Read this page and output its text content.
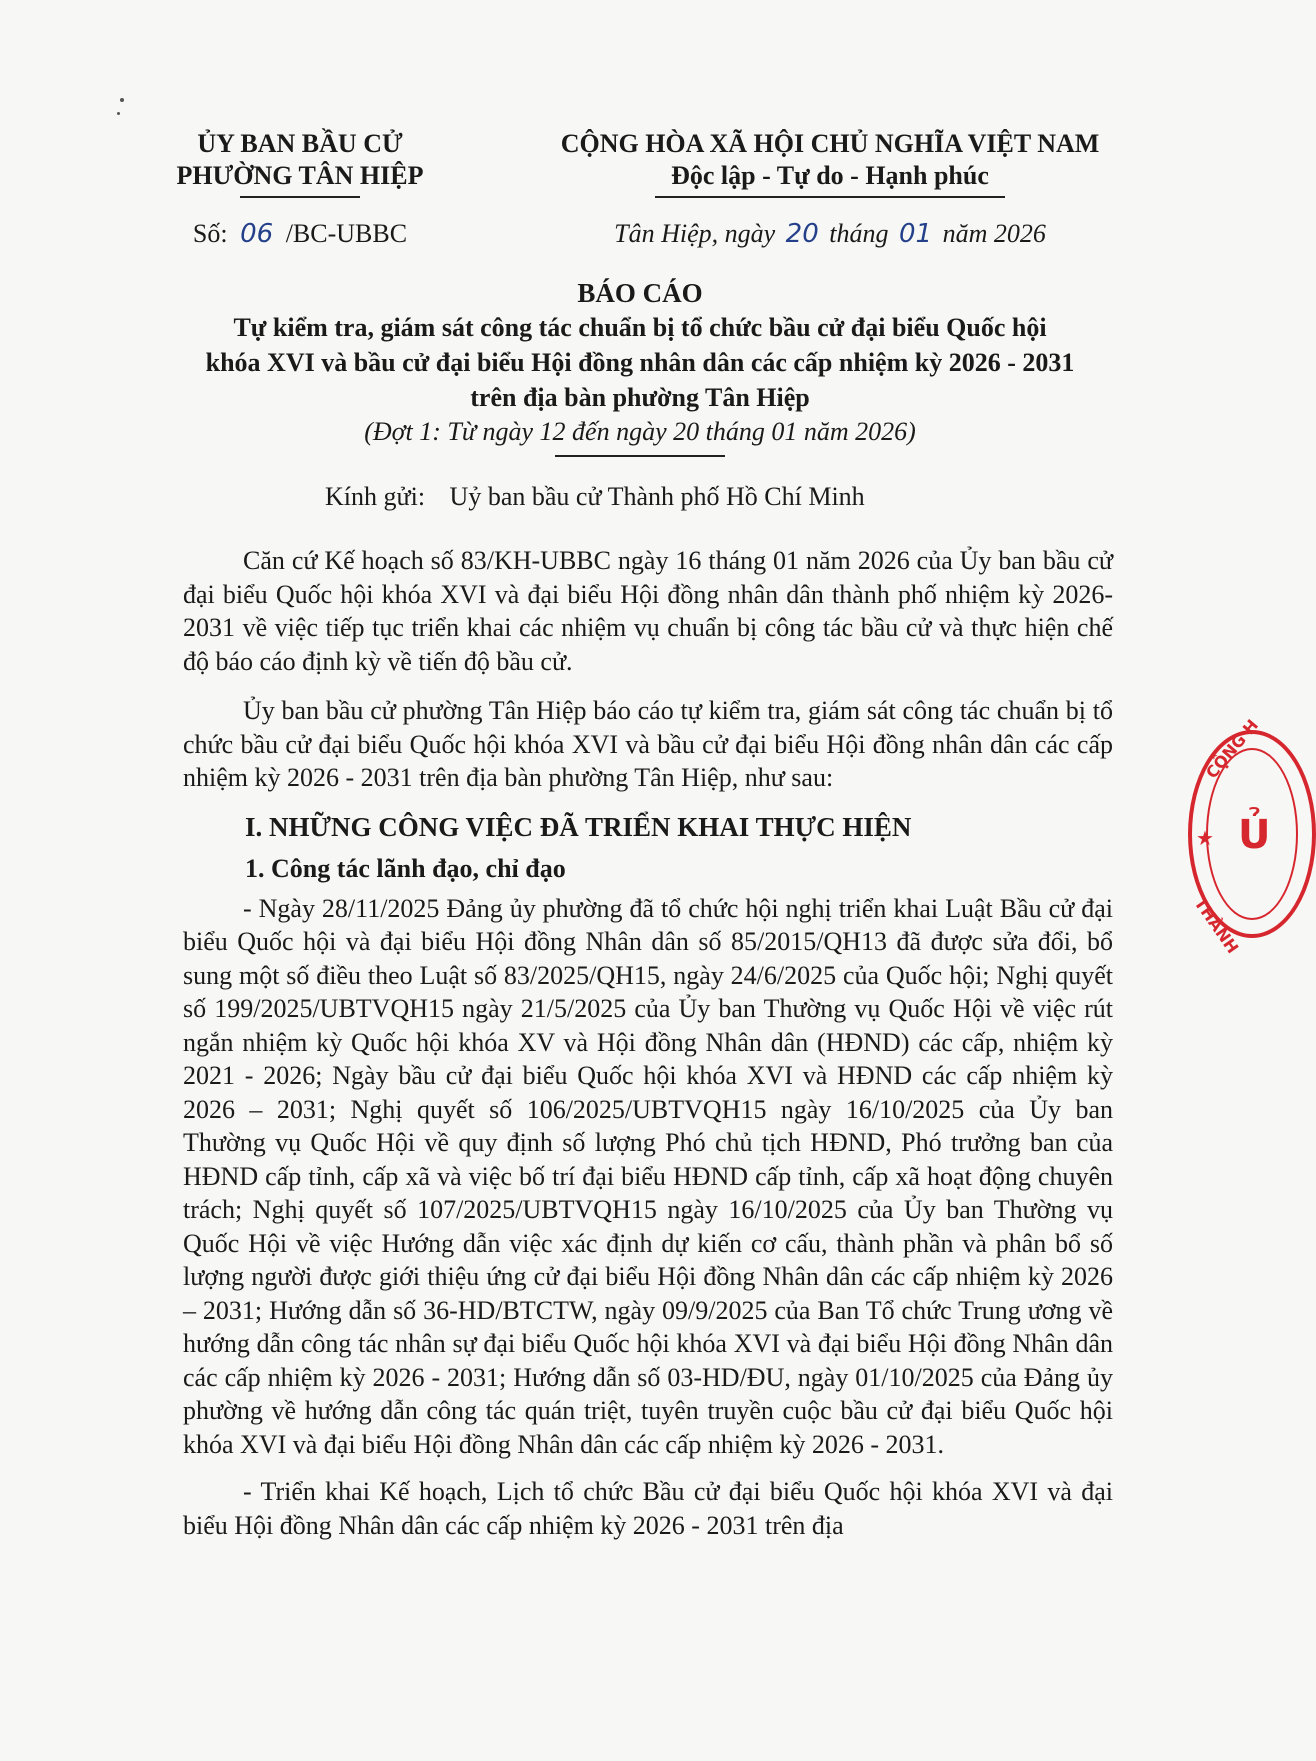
ỦY BAN BẦU CỬ

PHƯỜNG TÂN HIỆP

Số: 06 /BC-UBBC

CỘNG HÒA XÃ HỘI CHỦ NGHĨA VIỆT NAM

Độc lập - Tự do - Hạnh phúc

Tân Hiệp, ngày 20 tháng 01 năm 2026

BÁO CÁO

Tự kiểm tra, giám sát công tác chuẩn bị tổ chức bầu cử đại biểu Quốc hội

khóa XVI và bầu cử đại biểu Hội đồng nhân dân các cấp nhiệm kỳ 2026 - 2031

trên địa bàn phường Tân Hiệp

(Đợt 1: Từ ngày 12 đến ngày 20 tháng 01 năm 2026)

Kính gửi: Uỷ ban bầu cử Thành phố Hồ Chí Minh

Căn cứ Kế hoạch số 83/KH-UBBC ngày 16 tháng 01 năm 2026 của Ủy ban bầu cử đại biểu Quốc hội khóa XVI và đại biểu Hội đồng nhân dân thành phố nhiệm kỳ 2026-2031 về việc tiếp tục triển khai các nhiệm vụ chuẩn bị công tác bầu cử và thực hiện chế độ báo cáo định kỳ về tiến độ bầu cử.

Ủy ban bầu cử phường Tân Hiệp báo cáo tự kiểm tra, giám sát công tác chuẩn bị tổ chức bầu cử đại biểu Quốc hội khóa XVI và bầu cử đại biểu Hội đồng nhân dân các cấp nhiệm kỳ 2026 - 2031 trên địa bàn phường Tân Hiệp, như sau:

I. NHỮNG CÔNG VIỆC ĐÃ TRIỂN KHAI THỰC HIỆN

1. Công tác lãnh đạo, chỉ đạo

- Ngày 28/11/2025 Đảng ủy phường đã tổ chức hội nghị triển khai Luật Bầu cử đại biểu Quốc hội và đại biểu Hội đồng Nhân dân số 85/2015/QH13 đã được sửa đổi, bổ sung một số điều theo Luật số 83/2025/QH15, ngày 24/6/2025 của Quốc hội; Nghị quyết số 199/2025/UBTVQH15 ngày 21/5/2025 của Ủy ban Thường vụ Quốc Hội về việc rút ngắn nhiệm kỳ Quốc hội khóa XV và Hội đồng Nhân dân (HĐND) các cấp, nhiệm kỳ 2021 - 2026; Ngày bầu cử đại biểu Quốc hội khóa XVI và HĐND các cấp nhiệm kỳ 2026 – 2031; Nghị quyết số 106/2025/UBTVQH15 ngày 16/10/2025 của Ủy ban Thường vụ Quốc Hội về quy định số lượng Phó chủ tịch HĐND, Phó trưởng ban của HĐND cấp tỉnh, cấp xã và việc bố trí đại biểu HĐND cấp tỉnh, cấp xã hoạt động chuyên trách; Nghị quyết số 107/2025/UBTVQH15 ngày 16/10/2025 của Ủy ban Thường vụ Quốc Hội về việc Hướng dẫn việc xác định dự kiến cơ cấu, thành phần và phân bổ số lượng người được giới thiệu ứng cử đại biểu Hội đồng Nhân dân các cấp nhiệm kỳ 2026 – 2031; Hướng dẫn số 36-HD/BTCTW, ngày 09/9/2025 của Ban Tổ chức Trung ương về hướng dẫn công tác nhân sự đại biểu Quốc hội khóa XVI và đại biểu Hội đồng Nhân dân các cấp nhiệm kỳ 2026 - 2031; Hướng dẫn số 03-HD/ĐU, ngày 01/10/2025 của Đảng ủy phường về hướng dẫn công tác quán triệt, tuyên truyền cuộc bầu cử đại biểu Quốc hội khóa XVI và đại biểu Hội đồng Nhân dân các cấp nhiệm kỳ 2026 - 2031.

- Triển khai Kế hoạch, Lịch tổ chức Bầu cử đại biểu Quốc hội khóa XVI và đại biểu Hội đồng Nhân dân các cấp nhiệm kỳ 2026 - 2031 trên địa

CỘNG H
★ Ủ
THÀNH
